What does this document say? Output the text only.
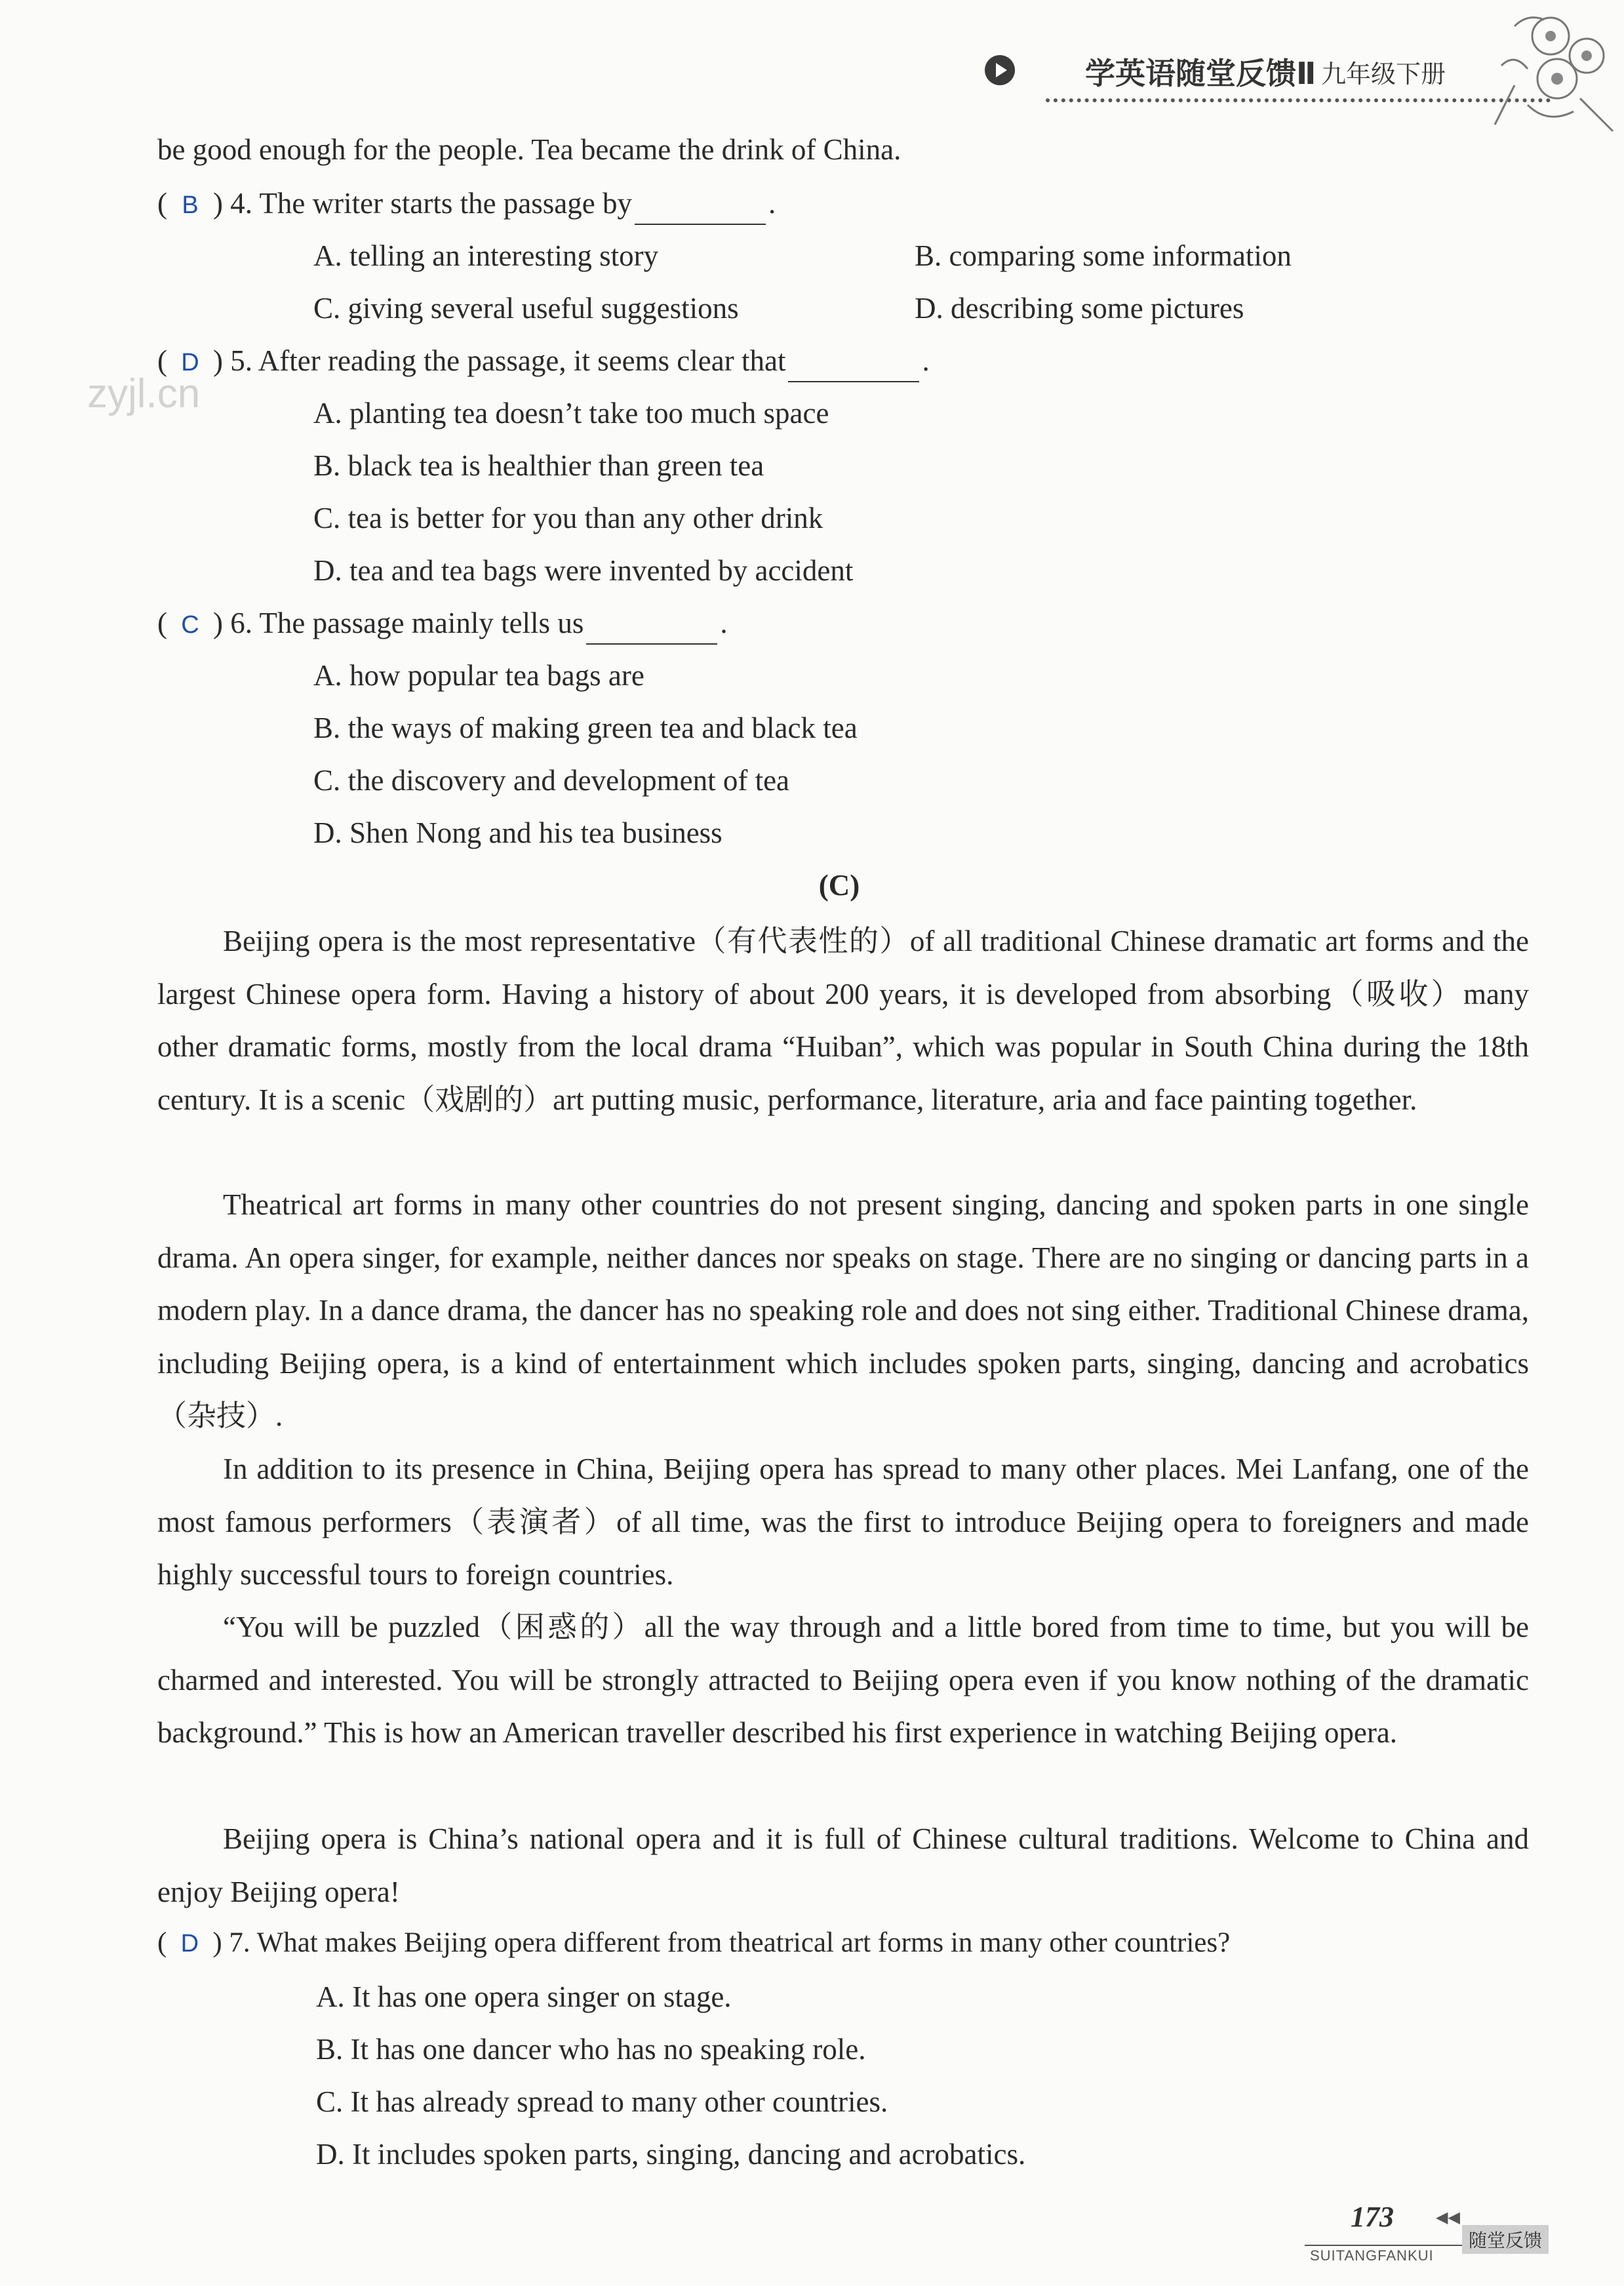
学英语随堂反馈Ⅱ 九年级下册
zyjl.cn
be good enough for the people. Tea became the drink of China.
( B ) 4. The writer starts the passage by	.
A. telling an interesting story	B. comparing some information
C. giving several useful suggestions	D. describing some pictures
( D ) 5. After reading the passage, it seems clear that	.
A. planting tea doesn’t take too much space
B. black tea is healthier than green tea
C. tea is better for you than any other drink
D. tea and tea bags were invented by accident
( C ) 6. The passage mainly tells us	.
A. how popular tea bags are
B. the ways of making green tea and black tea
C. the discovery and development of tea
D. Shen Nong and his tea business
(C)
Beijing opera is the most representative（有代表性的）of all traditional Chinese dramatic art forms and the largest Chinese opera form. Having a history of about 200 years, it is developed from absorbing（吸收）many other dramatic forms, mostly from the local drama “Huiban”, which was popular in South China during the 18th century. It is a scenic（戏剧的）art putting music, performance, literature, aria and face painting together.
Theatrical art forms in many other countries do not present singing, dancing and spoken parts in one single drama. An opera singer, for example, neither dances nor speaks on stage. There are no singing or dancing parts in a modern play. In a dance drama, the dancer has no speaking role and does not sing either. Traditional Chinese drama, including Beijing opera, is a kind of entertainment which includes spoken parts, singing, dancing and acrobatics（杂技）.
In addition to its presence in China, Beijing opera has spread to many other places. Mei Lanfang, one of the most famous performers（表演者）of all time, was the first to introduce Beijing opera to foreigners and made highly successful tours to foreign countries.
“You will be puzzled（困惑的）all the way through and a little bored from time to time, but you will be charmed and interested. You will be strongly attracted to Beijing opera even if you know nothing of the dramatic background.” This is how an American traveller described his first experience in watching Beijing opera.
Beijing opera is China’s national opera and it is full of Chinese cultural traditions. Welcome to China and enjoy Beijing opera!
( D ) 7. What makes Beijing opera different from theatrical art forms in many other countries?
A. It has one opera singer on stage.
B. It has one dancer who has no speaking role.
C. It has already spread to many other countries.
D. It includes spoken parts, singing, dancing and acrobatics.
173	◀◀
SUITANGFANKUI
随堂反馈
